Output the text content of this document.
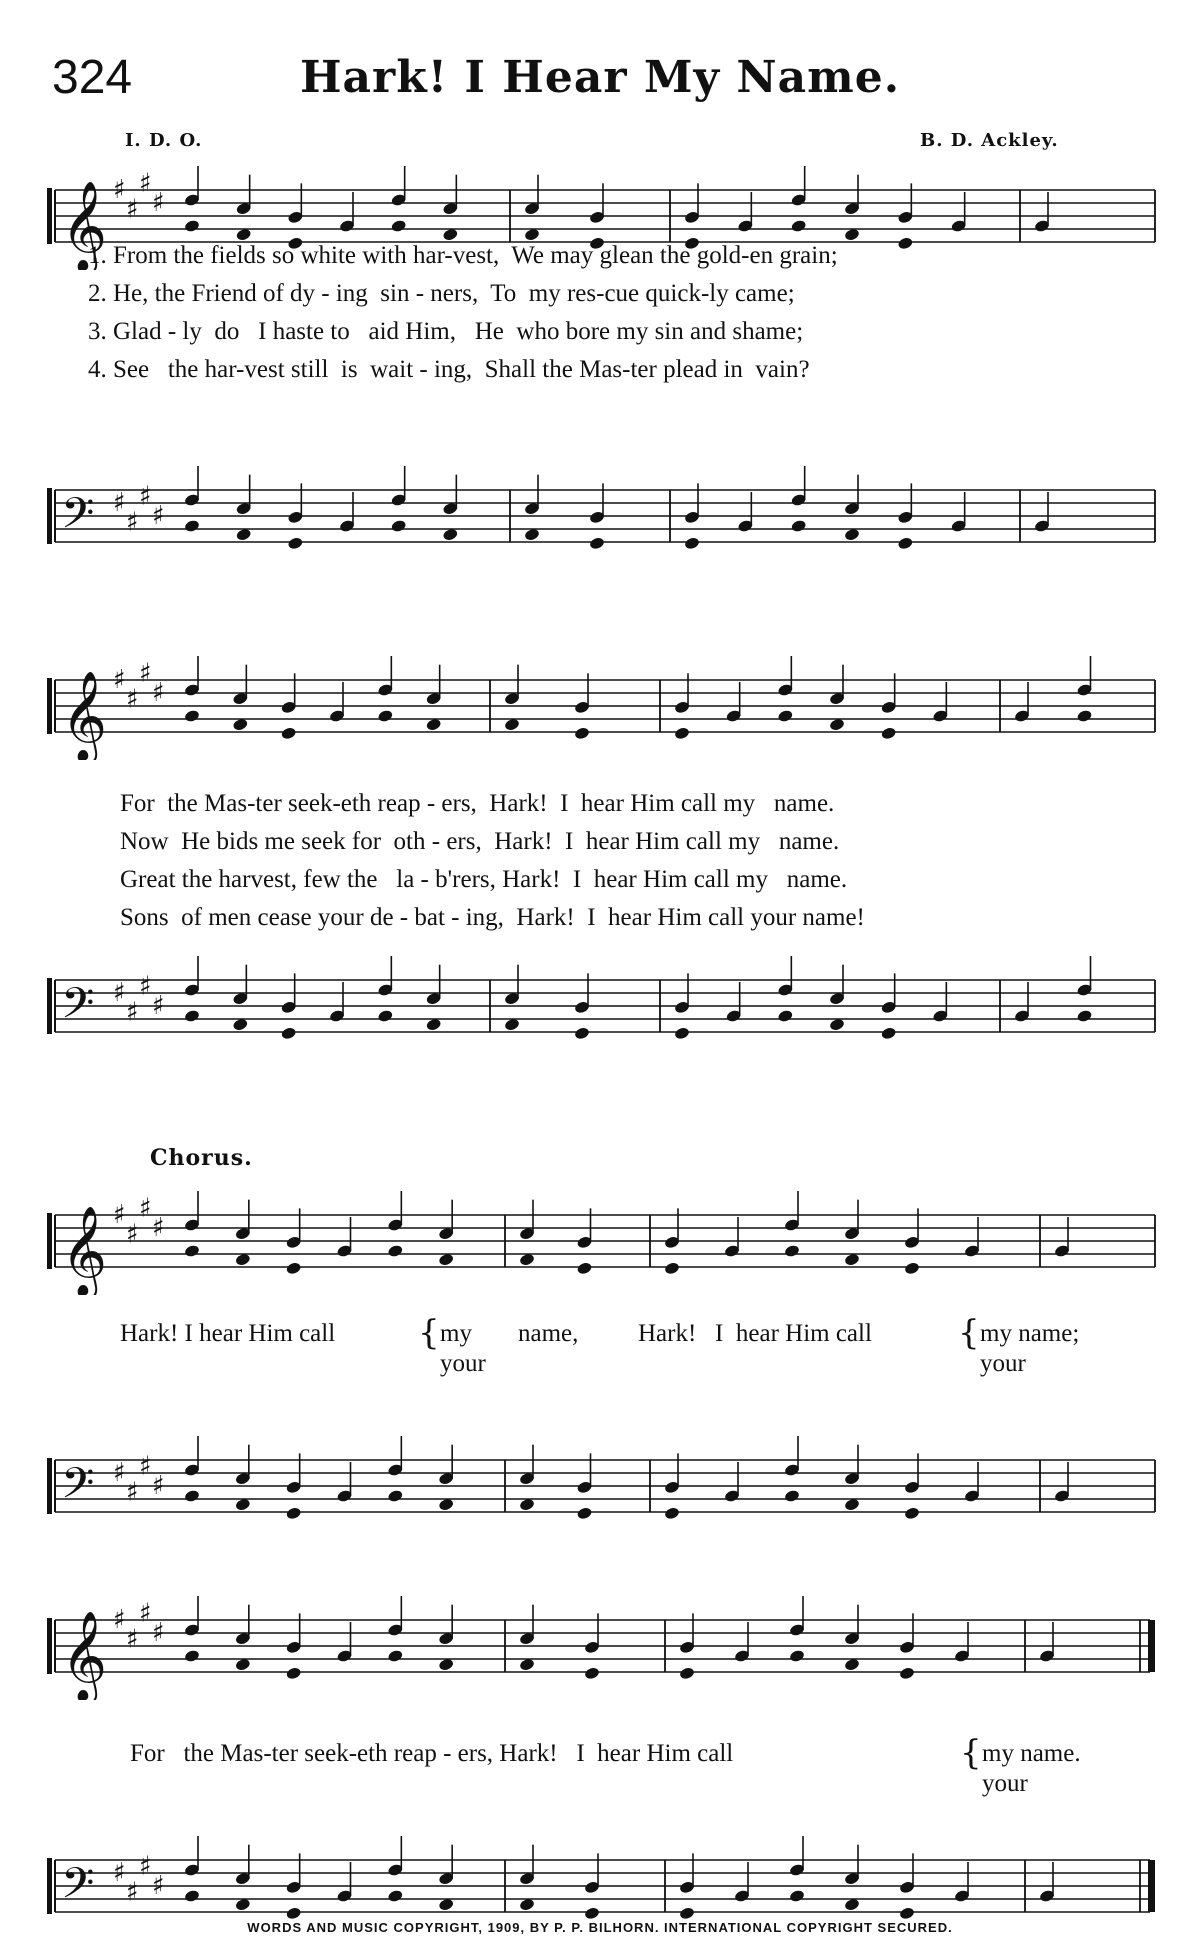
324	Hark! I Hear My Name.
I. D. O.	B. D. Ackley.
𝄞 ♯
♯
♯
♯
1. From the fields so white with har-vest,  We may glean the gold-en grain;
2. He, the Friend of dy - ing  sin - ners,  To  my res-cue quick-ly came;
3. Glad - ly  do   I haste to   aid Him,   He  who bore my sin and shame;
4. See   the har-vest still  is  wait - ing,  Shall the Mas-ter plead in  vain?
𝄢 ♯
♯
♯
♯
𝄞 ♯
♯
♯
♯
For  the Mas-ter seek-eth reap - ers,  Hark!  I  hear Him call my   name.
Now  He bids me seek for  oth - ers,  Hark!  I  hear Him call my   name.
Great the harvest, few the   la - b'rers, Hark!  I  hear Him call my   name.
Sons  of men cease your de - bat - ing,  Hark!  I  hear Him call your name!
𝄢 ♯
♯
♯
♯
Chorus.
𝄞 ♯
♯
♯
♯
Hark! I hear Him call { my
your
name, Hark!   I  hear Him call	{ my name;
your
𝄢 ♯
♯
♯
♯
𝄞 ♯
♯
♯
♯
For   the Mas-ter seek-eth reap - ers, Hark!   I  hear Him call	{ my name.
your
𝄢 ♯
♯
♯
♯
WORDS AND MUSIC COPYRIGHT, 1909, BY P. P. BILHORN. INTERNATIONAL COPYRIGHT SECURED.
